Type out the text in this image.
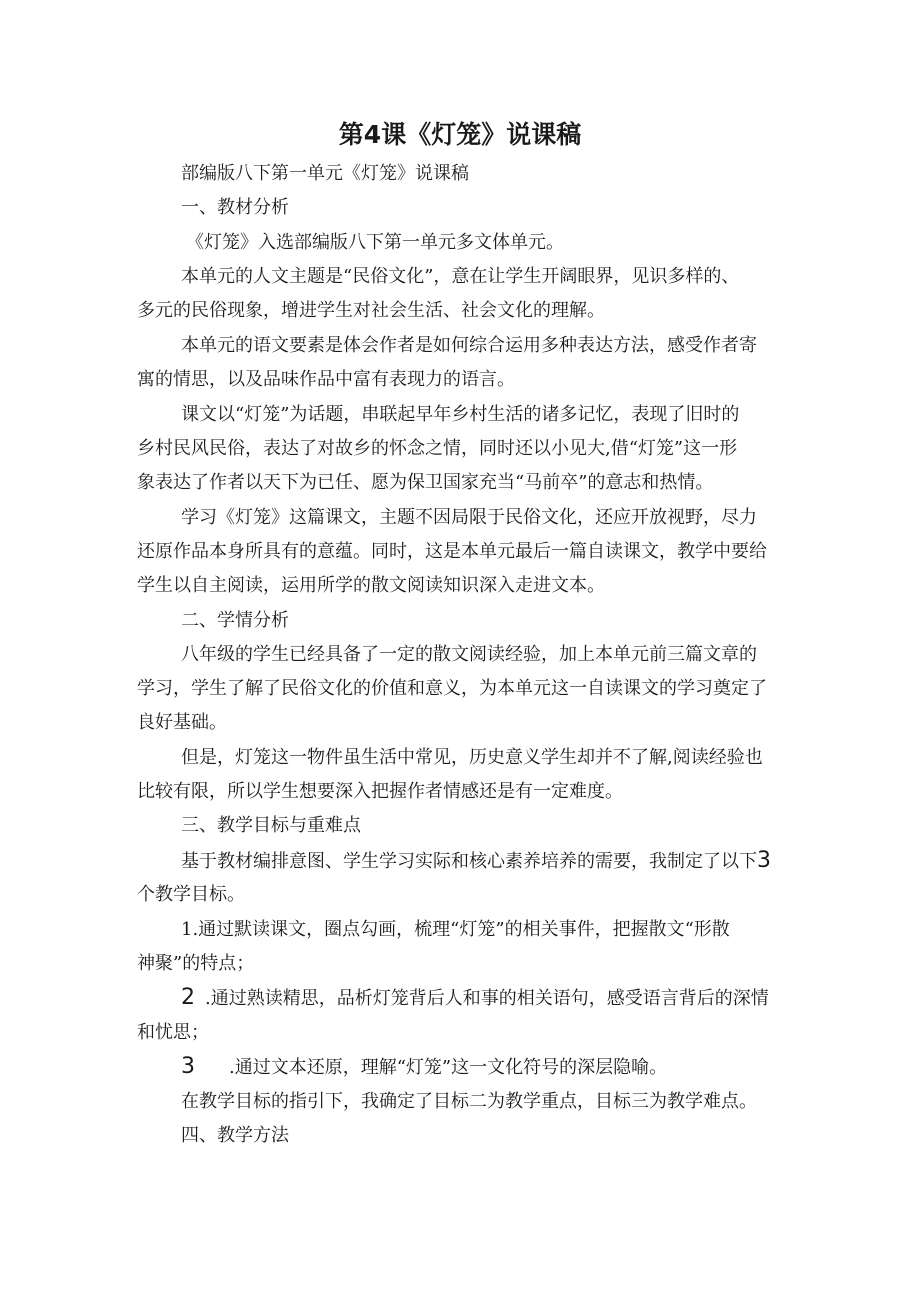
第4课《灯笼》说课稿
部编版八下第一单元《灯笼》说课稿
一、教材分析
《灯笼》入选部编版八下第一单元多文体单元。
本单元的人文主题是“民俗文化”，意在让学生开阔眼界，见识多样的、
多元的民俗现象，增进学生对社会生活、社会文化的理解。
本单元的语文要素是体会作者是如何综合运用多种表达方法，感受作者寄
寓的情思，以及品味作品中富有表现力的语言。
课文以“灯笼”为话题，串联起早年乡村生活的诸多记忆，表现了旧时的
乡村民风民俗，表达了对故乡的怀念之情，同时还以小见大,借“灯笼”这一形
象表达了作者以天下为已任、愿为保卫国家充当“马前卒”的意志和热情。
学习《灯笼》这篇课文，主题不因局限于民俗文化，还应开放视野，尽力
还原作品本身所具有的意蕴。同时，这是本单元最后一篇自读课文，教学中要给
学生以自主阅读，运用所学的散文阅读知识深入走进文本。
二、学情分析
八年级的学生已经具备了一定的散文阅读经验，加上本单元前三篇文章的
学习，学生了解了民俗文化的价值和意义，为本单元这一自读课文的学习奠定了
良好基础。
但是，灯笼这一物件虽生活中常见，历史意义学生却并不了解,阅读经验也
比较有限，所以学生想要深入把握作者情感还是有一定难度。
三、教学目标与重难点
基于教材编排意图、学生学习实际和核心素养培养的需要，我制定了以下3
个教学目标。
1.通过默读课文，圈点勾画，梳理“灯笼”的相关事件，把握散文“形散
神聚”的特点；
2 .通过熟读精思，品析灯笼背后人和事的相关语句，感受语言背后的深情
和忧思；
3 .通过文本还原，理解“灯笼”这一文化符号的深层隐喻。
在教学目标的指引下，我确定了目标二为教学重点，目标三为教学难点。
四、教学方法
